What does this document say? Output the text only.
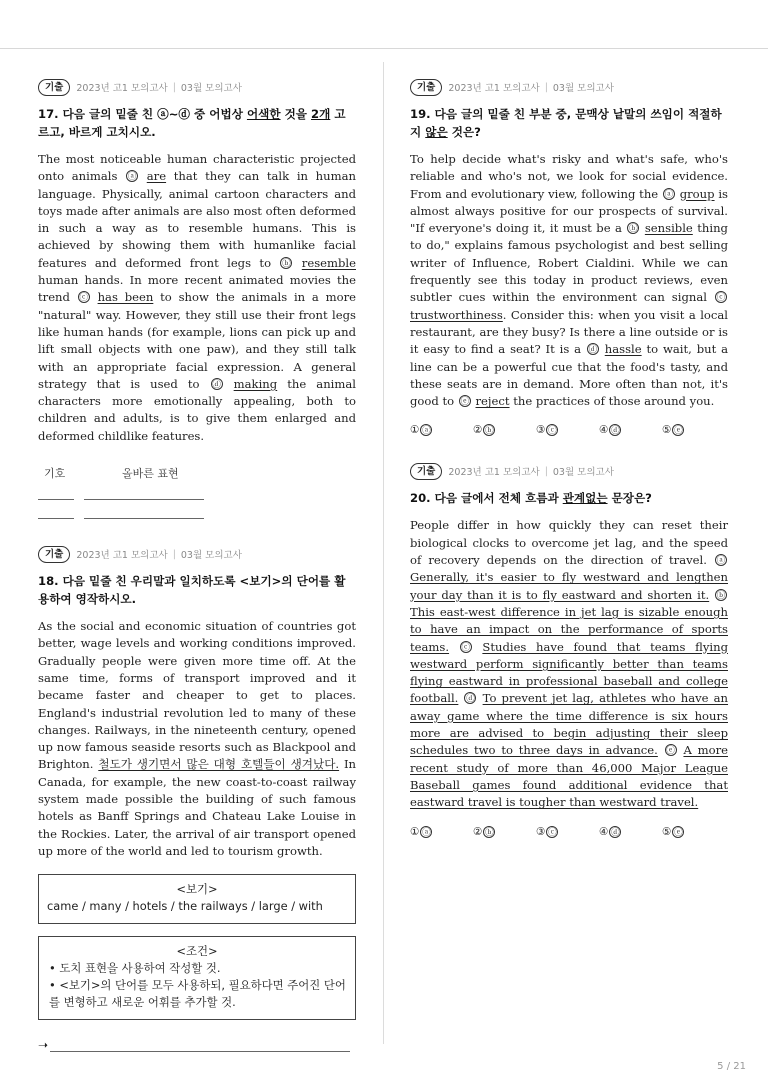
기출	2023년 고1 모의고사 | 03월 모의고사
17. 다음 글의 밑줄 친 ⓐ~ⓓ 중 어법상 어색한 것을 2개 고르고, 바르게 고치시오.

The most noticeable human characteristic projected onto animals ⓐ are that they can talk in human language. Physically, animal cartoon characters and toys made after animals are also most often deformed in such a way as to resemble humans. This is achieved by showing them with humanlike facial features and deformed front legs to ⓑ resemble human hands. In more recent animated movies the trend ⓒ has been to show the animals in a more "natural" way. However, they still use their front legs like human hands (for example, lions can pick up and lift small objects with one paw), and they still talk with an appropriate facial expression. A general strategy that is used to ⓓ making the animal characters more emotionally appealing, both to children and adults, is to give them enlarged and deformed childlike features.

기호	올바른 표현
기출	2023년 고1 모의고사 | 03월 모의고사
18. 다음 밑줄 친 우리말과 일치하도록 <보기>의 단어를 활용하여 영작하시오.

As the social and economic situation of countries got better, wage levels and working conditions improved. Gradually people were given more time off. At the same time, forms of transport improved and it became faster and cheaper to get to places. England's industrial revolution led to many of these changes. Railways, in the nineteenth century, opened up now famous seaside resorts such as Blackpool and Brighton. 철도가 생기면서 많은 대형 호텔들이 생겨났다. In Canada, for example, the new coast-to-coast railway system made possible the building of such famous hotels as Banff Springs and Chateau Lake Louise in the Rockies. Later, the arrival of air transport opened up more of the world and led to tourism growth.

<보기>
came / many / hotels / the railways / large / with
<조건>
• 도치 표현을 사용하여 작성할 것.
• <보기>의 단어를 모두 사용하되, 필요하다면 주어진 단어를 변형하고 새로운 어휘를 추가할 것.
➝
기출	2023년 고1 모의고사 | 03월 모의고사
19. 다음 글의 밑줄 친 부분 중, 문맥상 낱말의 쓰임이 적절하지 않은 것은?

To help decide what's risky and what's safe, who's reliable and who's not, we look for social evidence. From and evolutionary view, following the ⓐ group is almost always positive for our prospects of survival. "If everyone's doing it, it must be a ⓑ sensible thing to do," explains famous psychologist and best selling writer of Influence, Robert Cialdini. While we can frequently see this today in product reviews, even subtler cues within the environment can signal ⓒ trustworthiness. Consider this: when you visit a local restaurant, are they busy? Is there a line outside or is it easy to find a seat? It is a ⓓ hassle to wait, but a line can be a powerful cue that the food's tasty, and these seats are in demand. More often than not, it's good to ⓔ reject the practices of those around you.

① ⓐ	② ⓑ	③ ⓒ	④ ⓓ	⑤ ⓔ
기출	2023년 고1 모의고사 | 03월 모의고사
20. 다음 글에서 전체 흐름과 관계없는 문장은?

People differ in how quickly they can reset their biological clocks to overcome jet lag, and the speed of recovery depends on the direction of travel. ⓐ Generally, it's easier to fly westward and lengthen your day than it is to fly eastward and shorten it. ⓑ This east-west difference in jet lag is sizable enough to have an impact on the performance of sports teams. ⓒ Studies have found that teams flying westward perform significantly better than teams flying eastward in professional baseball and college football. ⓓ To prevent jet lag, athletes who have an away game where the time difference is six hours more are advised to begin adjusting their sleep schedules two to three days in advance. ⓔ A more recent study of more than 46,000 Major League Baseball games found additional evidence that eastward travel is tougher than westward travel.

① ⓐ	② ⓑ	③ ⓒ	④ ⓓ	⑤ ⓔ
5 / 21
